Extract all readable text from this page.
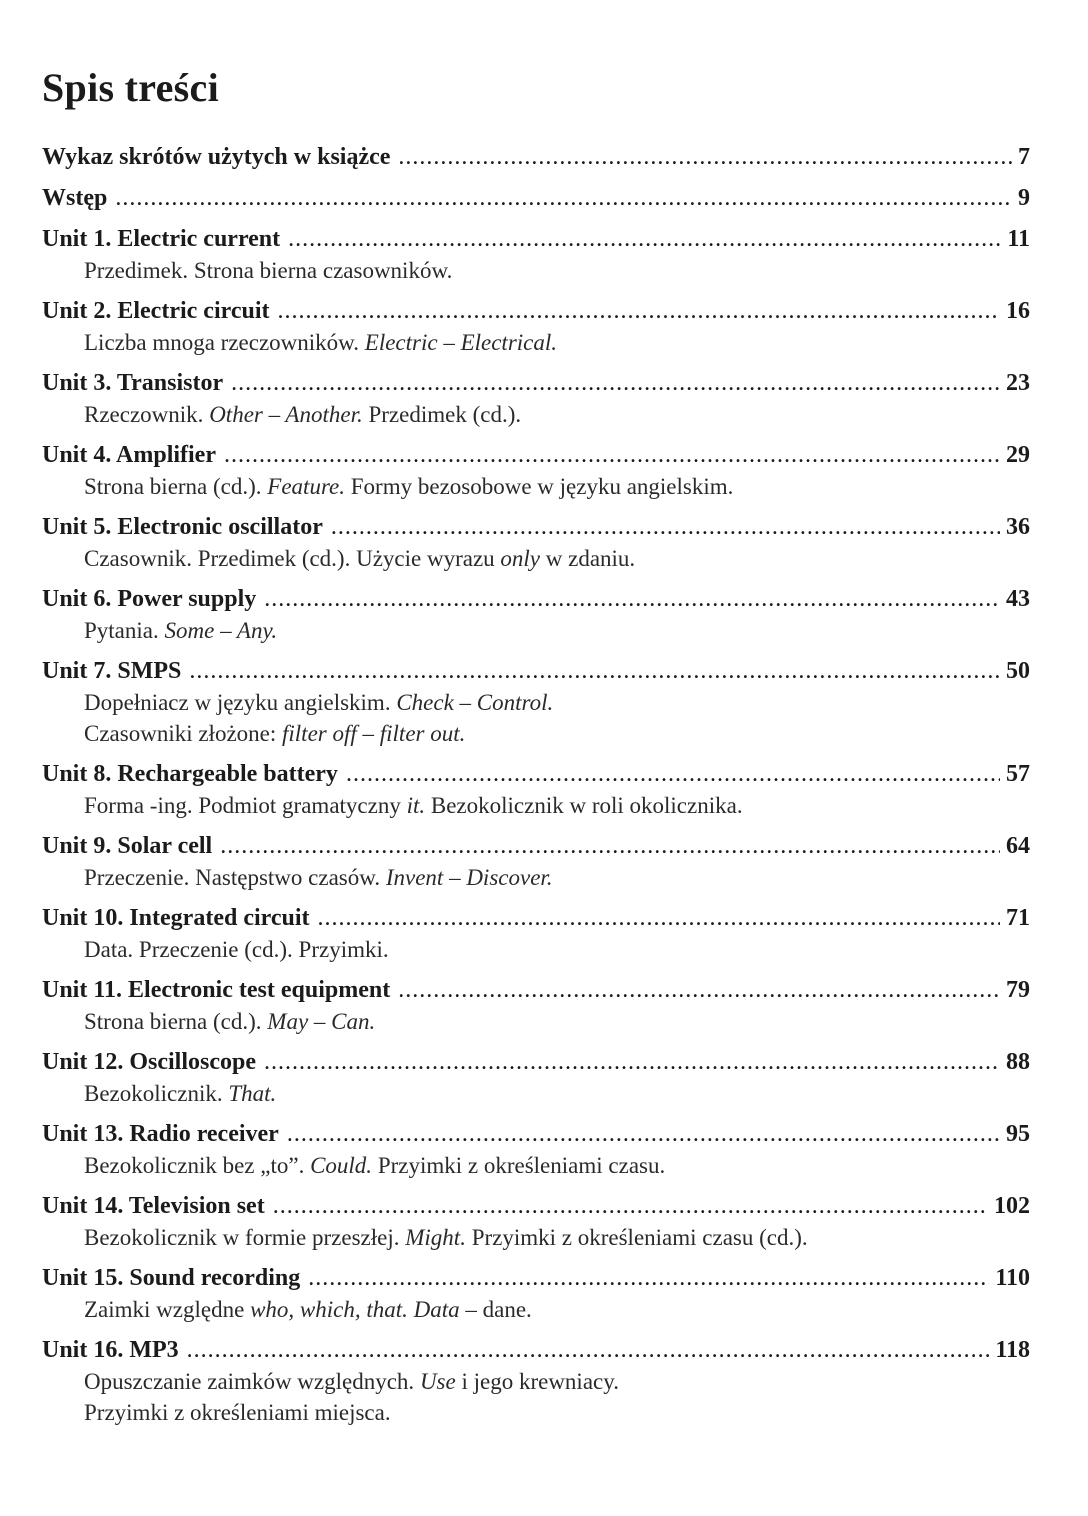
Spis treści
Wykaz skrótów użytych w książce .....	7
Wstęp .....	9
Unit 1. Electric current .....	11
Przedimek. Strona bierna czasowników.
Unit 2. Electric circuit .....	16
Liczba mnoga rzeczowników. Electric – Electrical.
Unit 3. Transistor .....	23
Rzeczownik. Other – Another. Przedimek (cd.).
Unit 4. Amplifier .....	29
Strona bierna (cd.). Feature. Formy bezosobowe w języku angielskim.
Unit 5. Electronic oscillator .....	36
Czasownik. Przedimek (cd.). Użycie wyrazu only w zdaniu.
Unit 6. Power supply .....	43
Pytania. Some – Any.
Unit 7. SMPS .....	50
Dopełniacz w języku angielskim. Check – Control.
Czasowniki złożone: filter off – filter out.
Unit 8. Rechargeable battery .....	57
Forma -ing. Podmiot gramatyczny it. Bezokolicznik w roli okolicznika.
Unit 9. Solar cell .....	64
Przeczenie. Następstwo czasów. Invent – Discover.
Unit 10. Integrated circuit .....	71
Data. Przeczenie (cd.). Przyimki.
Unit 11. Electronic test equipment .....	79
Strona bierna (cd.). May – Can.
Unit 12. Oscilloscope .....	88
Bezokolicznik. That.
Unit 13. Radio receiver .....	95
Bezokolicznik bez „to”. Could. Przyimki z określeniami czasu.
Unit 14. Television set .....	102
Bezokolicznik w formie przeszłej. Might. Przyimki z określeniami czasu (cd.).
Unit 15. Sound recording .....	110
Zaimki względne who, which, that. Data – dane.
Unit 16. MP3 .....	118
Opuszczanie zaimków względnych. Use i jego krewniacy.
Przyimki z określeniami miejsca.
